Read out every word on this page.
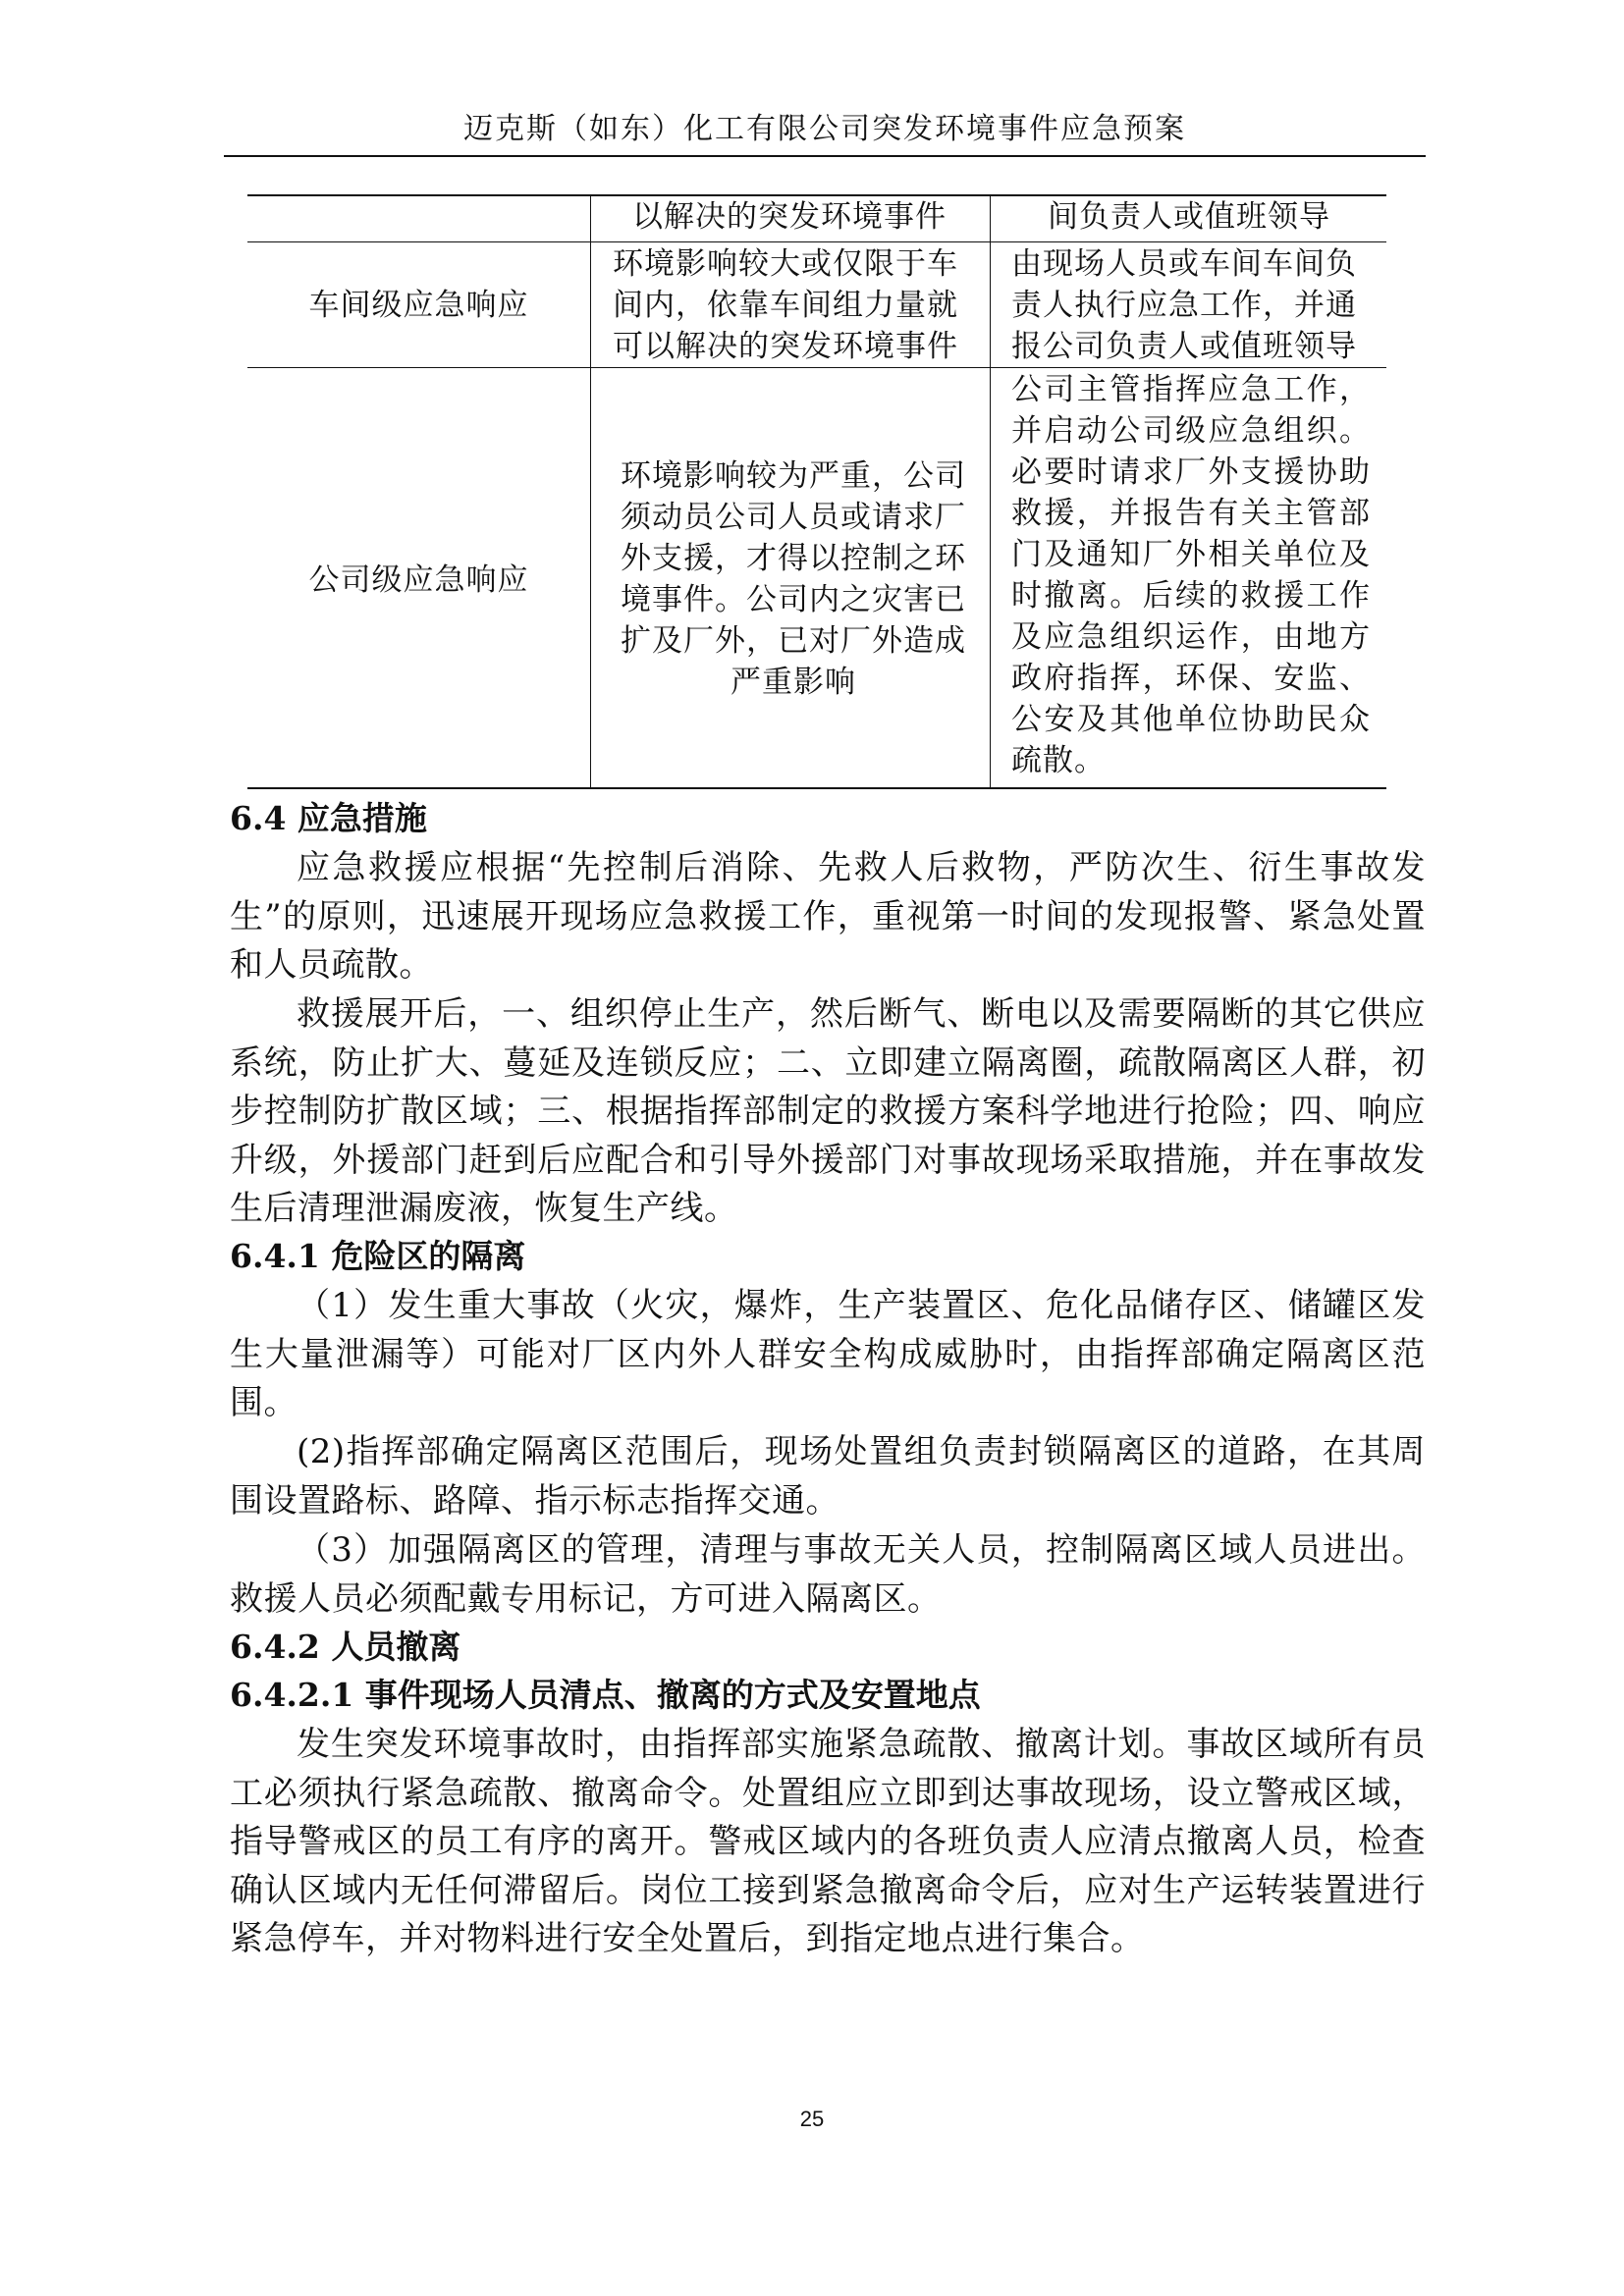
迈克斯（如东）化工有限公司突发环境事件应急预案
以解决的突发环境事件	间负责人或值班领导
车间级应急响应
环境影响较大或仅限于车间内，依靠车间组力量就可以解决的突发环境事件
由现场人员或车间车间负责人执行应急工作，并通报公司负责人或值班领导
公司级应急响应
环境影响较为严重，公司须动员公司人员或请求厂外支援，才得以控制之环境事件。公司内之灾害已扩及厂外，已对厂外造成严重影响
公司主管指挥应急工作，并启动公司级应急组织。必要时请求厂外支援协助救援，并报告有关主管部门及通知厂外相关单位及时撤离。后续的救援工作及应急组织运作，由地方政府指挥，环保、安监、公安及其他单位协助民众疏散。
6.4 应急措施

应急救援应根据“先控制后消除、先救人后救物，严防次生、衍生事故发生”的原则，迅速展开现场应急救援工作，重视第一时间的发现报警、紧急处置和人员疏散。

救援展开后，一、组织停止生产，然后断气、断电以及需要隔断的其它供应系统，防止扩大、蔓延及连锁反应；二、立即建立隔离圈，疏散隔离区人群，初步控制防扩散区域；三、根据指挥部制定的救援方案科学地进行抢险；四、响应升级，外援部门赶到后应配合和引导外援部门对事故现场采取措施，并在事故发生后清理泄漏废液，恢复生产线。

6.4.1 危险区的隔离

（1）发生重大事故（火灾，爆炸，生产装置区、危化品储存区、储罐区发生大量泄漏等）可能对厂区内外人群安全构成威胁时，由指挥部确定隔离区范围。

(2)指挥部确定隔离区范围后，现场处置组负责封锁隔离区的道路，在其周围设置路标、路障、指示标志指挥交通。

（3）加强隔离区的管理，清理与事故无关人员，控制隔离区域人员进出。救援人员必须配戴专用标记，方可进入隔离区。

6.4.2 人员撤离
6.4.2.1 事件现场人员清点、撤离的方式及安置地点

发生突发环境事故时，由指挥部实施紧急疏散、撤离计划。事故区域所有员工必须执行紧急疏散、撤离命令。处置组应立即到达事故现场，设立警戒区域，指导警戒区的员工有序的离开。警戒区域内的各班负责人应清点撤离人员，检查确认区域内无任何滞留后。岗位工接到紧急撤离命令后，应对生产运转装置进行紧急停车，并对物料进行安全处置后，到指定地点进行集合。

25
